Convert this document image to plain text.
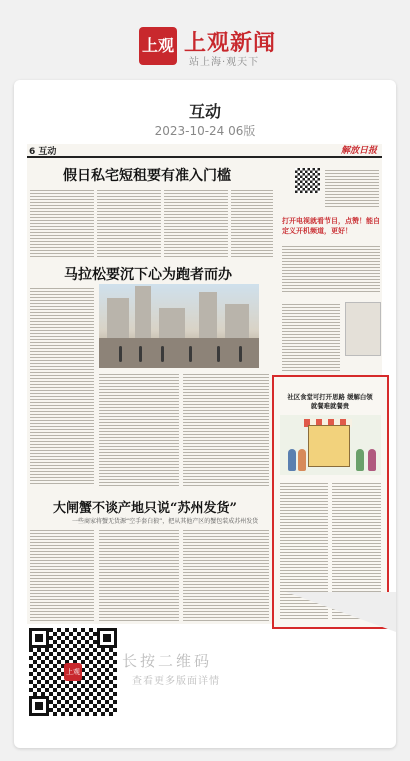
上观 上观新闻
站上海·观天下
互动
2023-10-24 06版
6 互动	解放日报
假日私宅短租要有准入门槛
马拉松要沉下心为跑者而办
大闸蟹不谈产地只说“苏州发货”
一些商家将蟹无货源“空手套白狼”，把从其他产区的蟹包装成苏州发货
打开电视就看节目，点赞！能自定义开机频道，更好！
社区食堂可打开思路 缓解白领就餐难就餐贵
上观
长按二维码
查看更多版面详情
